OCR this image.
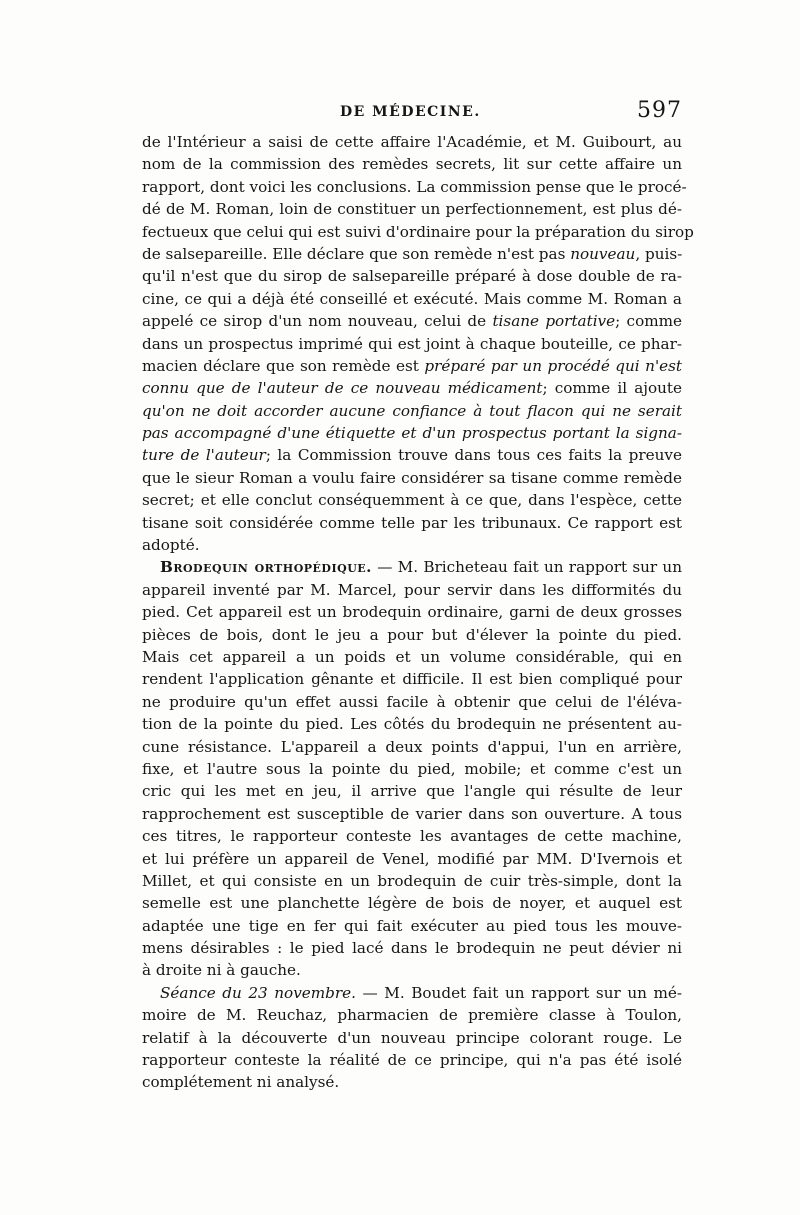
DE MÉDECINE.	597
de l'Intérieur a saisi de cette affaire l'Académie, et M. Guibourt, au
nom de la commission des remèdes secrets, lit sur cette affaire un
rapport, dont voici les conclusions. La commission pense que le procé-
dé de M. Roman, loin de constituer un perfectionnement, est plus dé-
fectueux que celui qui est suivi d'ordinaire pour la préparation du sirop
de salsepareille. Elle déclare que son remède n'est pas nouveau, puis-
qu'il n'est que du sirop de salsepareille préparé à dose double de ra-
cine, ce qui a déjà été conseillé et exécuté. Mais comme M. Roman a
appelé ce sirop d'un nom nouveau, celui de tisane portative; comme
dans un prospectus imprimé qui est joint à chaque bouteille, ce phar-
macien déclare que son remède est préparé par un procédé qui n'est
connu que de l'auteur de ce nouveau médicament; comme il ajoute
qu'on ne doit accorder aucune confiance à tout flacon qui ne serait
pas accompagné d'une étiquette et d'un prospectus portant la signa-
ture de l'auteur; la Commission trouve dans tous ces faits la preuve
que le sieur Roman a voulu faire considérer sa tisane comme remède
secret; et elle conclut conséquemment à ce que, dans l'espèce, cette
tisane soit considérée comme telle par les tribunaux. Ce rapport est
adopté.
Brodequin orthopédique. — M. Bricheteau fait un rapport sur un
appareil inventé par M. Marcel, pour servir dans les difformités du
pied. Cet appareil est un brodequin ordinaire, garni de deux grosses
pièces de bois, dont le jeu a pour but d'élever la pointe du pied.
Mais cet appareil a un poids et un volume considérable, qui en
rendent l'application gênante et difficile. Il est bien compliqué pour
ne produire qu'un effet aussi facile à obtenir que celui de l'éléva-
tion de la pointe du pied. Les côtés du brodequin ne présentent au-
cune résistance. L'appareil a deux points d'appui, l'un en arrière,
fixe, et l'autre sous la pointe du pied, mobile; et comme c'est un
cric qui les met en jeu, il arrive que l'angle qui résulte de leur
rapprochement est susceptible de varier dans son ouverture. A tous
ces titres, le rapporteur conteste les avantages de cette machine,
et lui préfère un appareil de Venel, modifié par MM. D'Ivernois et
Millet, et qui consiste en un brodequin de cuir très-simple, dont la
semelle est une planchette légère de bois de noyer, et auquel est
adaptée une tige en fer qui fait exécuter au pied tous les mouve-
mens désirables : le pied lacé dans le brodequin ne peut dévier ni
à droite ni à gauche.
Séance du 23 novembre. — M. Boudet fait un rapport sur un mé-
moire de M. Reuchaz, pharmacien de première classe à Toulon,
relatif à la découverte d'un nouveau principe colorant rouge. Le
rapporteur conteste la réalité de ce principe, qui n'a pas été isolé
complétement ni analysé.
